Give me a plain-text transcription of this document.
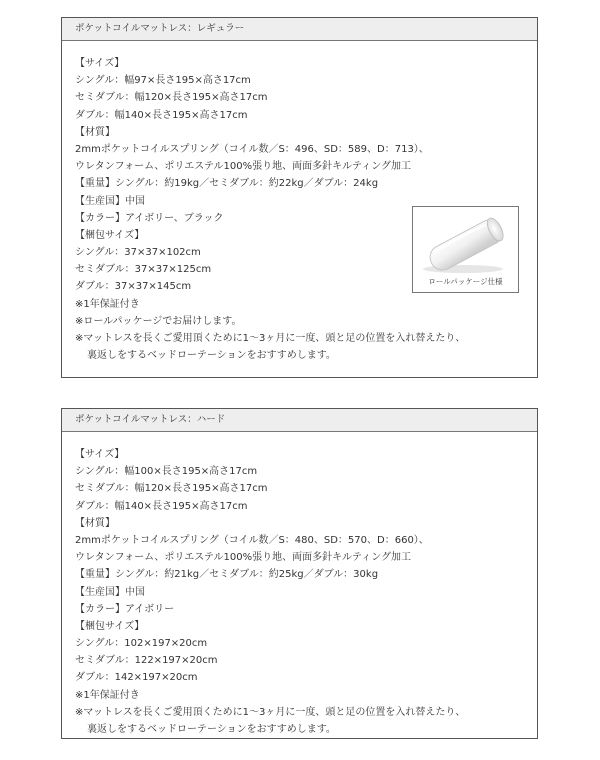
ポケットコイルマットレス：レギュラー
【サイズ】
シングル：幅97×長さ195×高さ17cm
セミダブル：幅120×長さ195×高さ17cm
ダブル：幅140×長さ195×高さ17cm
【材質】
2mmポケットコイルスプリング（コイル数／S：496、SD：589、D：713）、
ウレタンフォーム、ポリエステル100%張り地、両面多針キルティング加工
【重量】シングル：約19kg／セミダブル：約22kg／ダブル：24kg
【生産国】中国
【カラー】アイボリー、ブラック
【梱包サイズ】
シングル：37×37×102cm
セミダブル：37×37×125cm
ダブル：37×37×145cm
※1年保証付き
※ロールパッケージでお届けします。
※マットレスを長くご愛用頂くために1〜3ヶ月に一度、頭と足の位置を入れ替えたり、
裏返しをするベッドローテーションをおすすめします。
ロールパッケージ仕様
ポケットコイルマットレス：ハード
【サイズ】
シングル：幅100×長さ195×高さ17cm
セミダブル：幅120×長さ195×高さ17cm
ダブル：幅140×長さ195×高さ17cm
【材質】
2mmポケットコイルスプリング（コイル数／S：480、SD：570、D：660）、
ウレタンフォーム、ポリエステル100%張り地、両面多針キルティング加工
【重量】シングル：約21kg／セミダブル：約25kg／ダブル：30kg
【生産国】中国
【カラー】アイボリー
【梱包サイズ】
シングル：102×197×20cm
セミダブル：122×197×20cm
ダブル：142×197×20cm
※1年保証付き
※マットレスを長くご愛用頂くために1〜3ヶ月に一度、頭と足の位置を入れ替えたり、
裏返しをするベッドローテーションをおすすめします。
